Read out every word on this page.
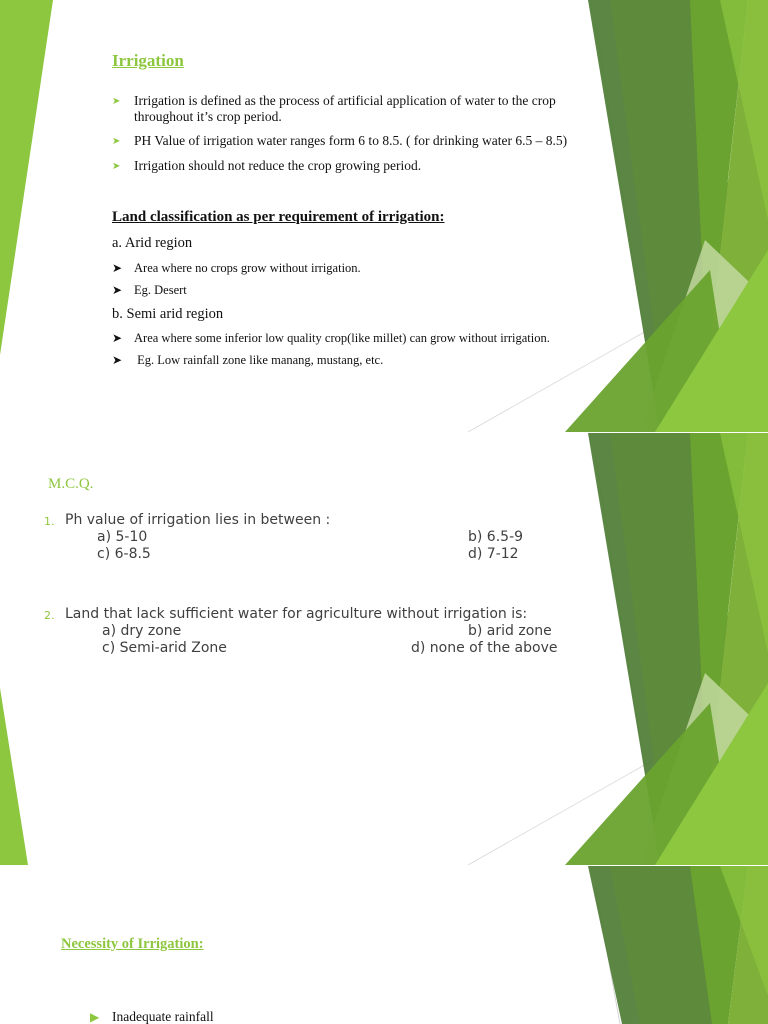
Irrigation
➤ Irrigation is defined as the process of artificial application of water to the crop throughout it’s crop period.
➤ PH Value of irrigation water ranges form 6 to 8.5. ( for drinking water 6.5 – 8.5)
➤ Irrigation should not reduce the crop growing period.
Land classification as per requirement of irrigation:
a. Arid region
➤ Area where no crops grow without irrigation.
➤ Eg. Desert
b. Semi arid region
➤ Area where some inferior low quality crop(like millet) can grow without irrigation.
➤ Eg. Low rainfall zone like manang, mustang, etc.
M.C.Q.
1. Ph value of irrigation lies in between :
a) 5-10	b) 6.5-9
c) 6-8.5	d) 7-12
2. Land that lack sufficient water for agriculture without irrigation is:
a) dry zone	b) arid zone
c) Semi-arid Zone	d) none of the above
Necessity of Irrigation:
▶ Inadequate rainfall
